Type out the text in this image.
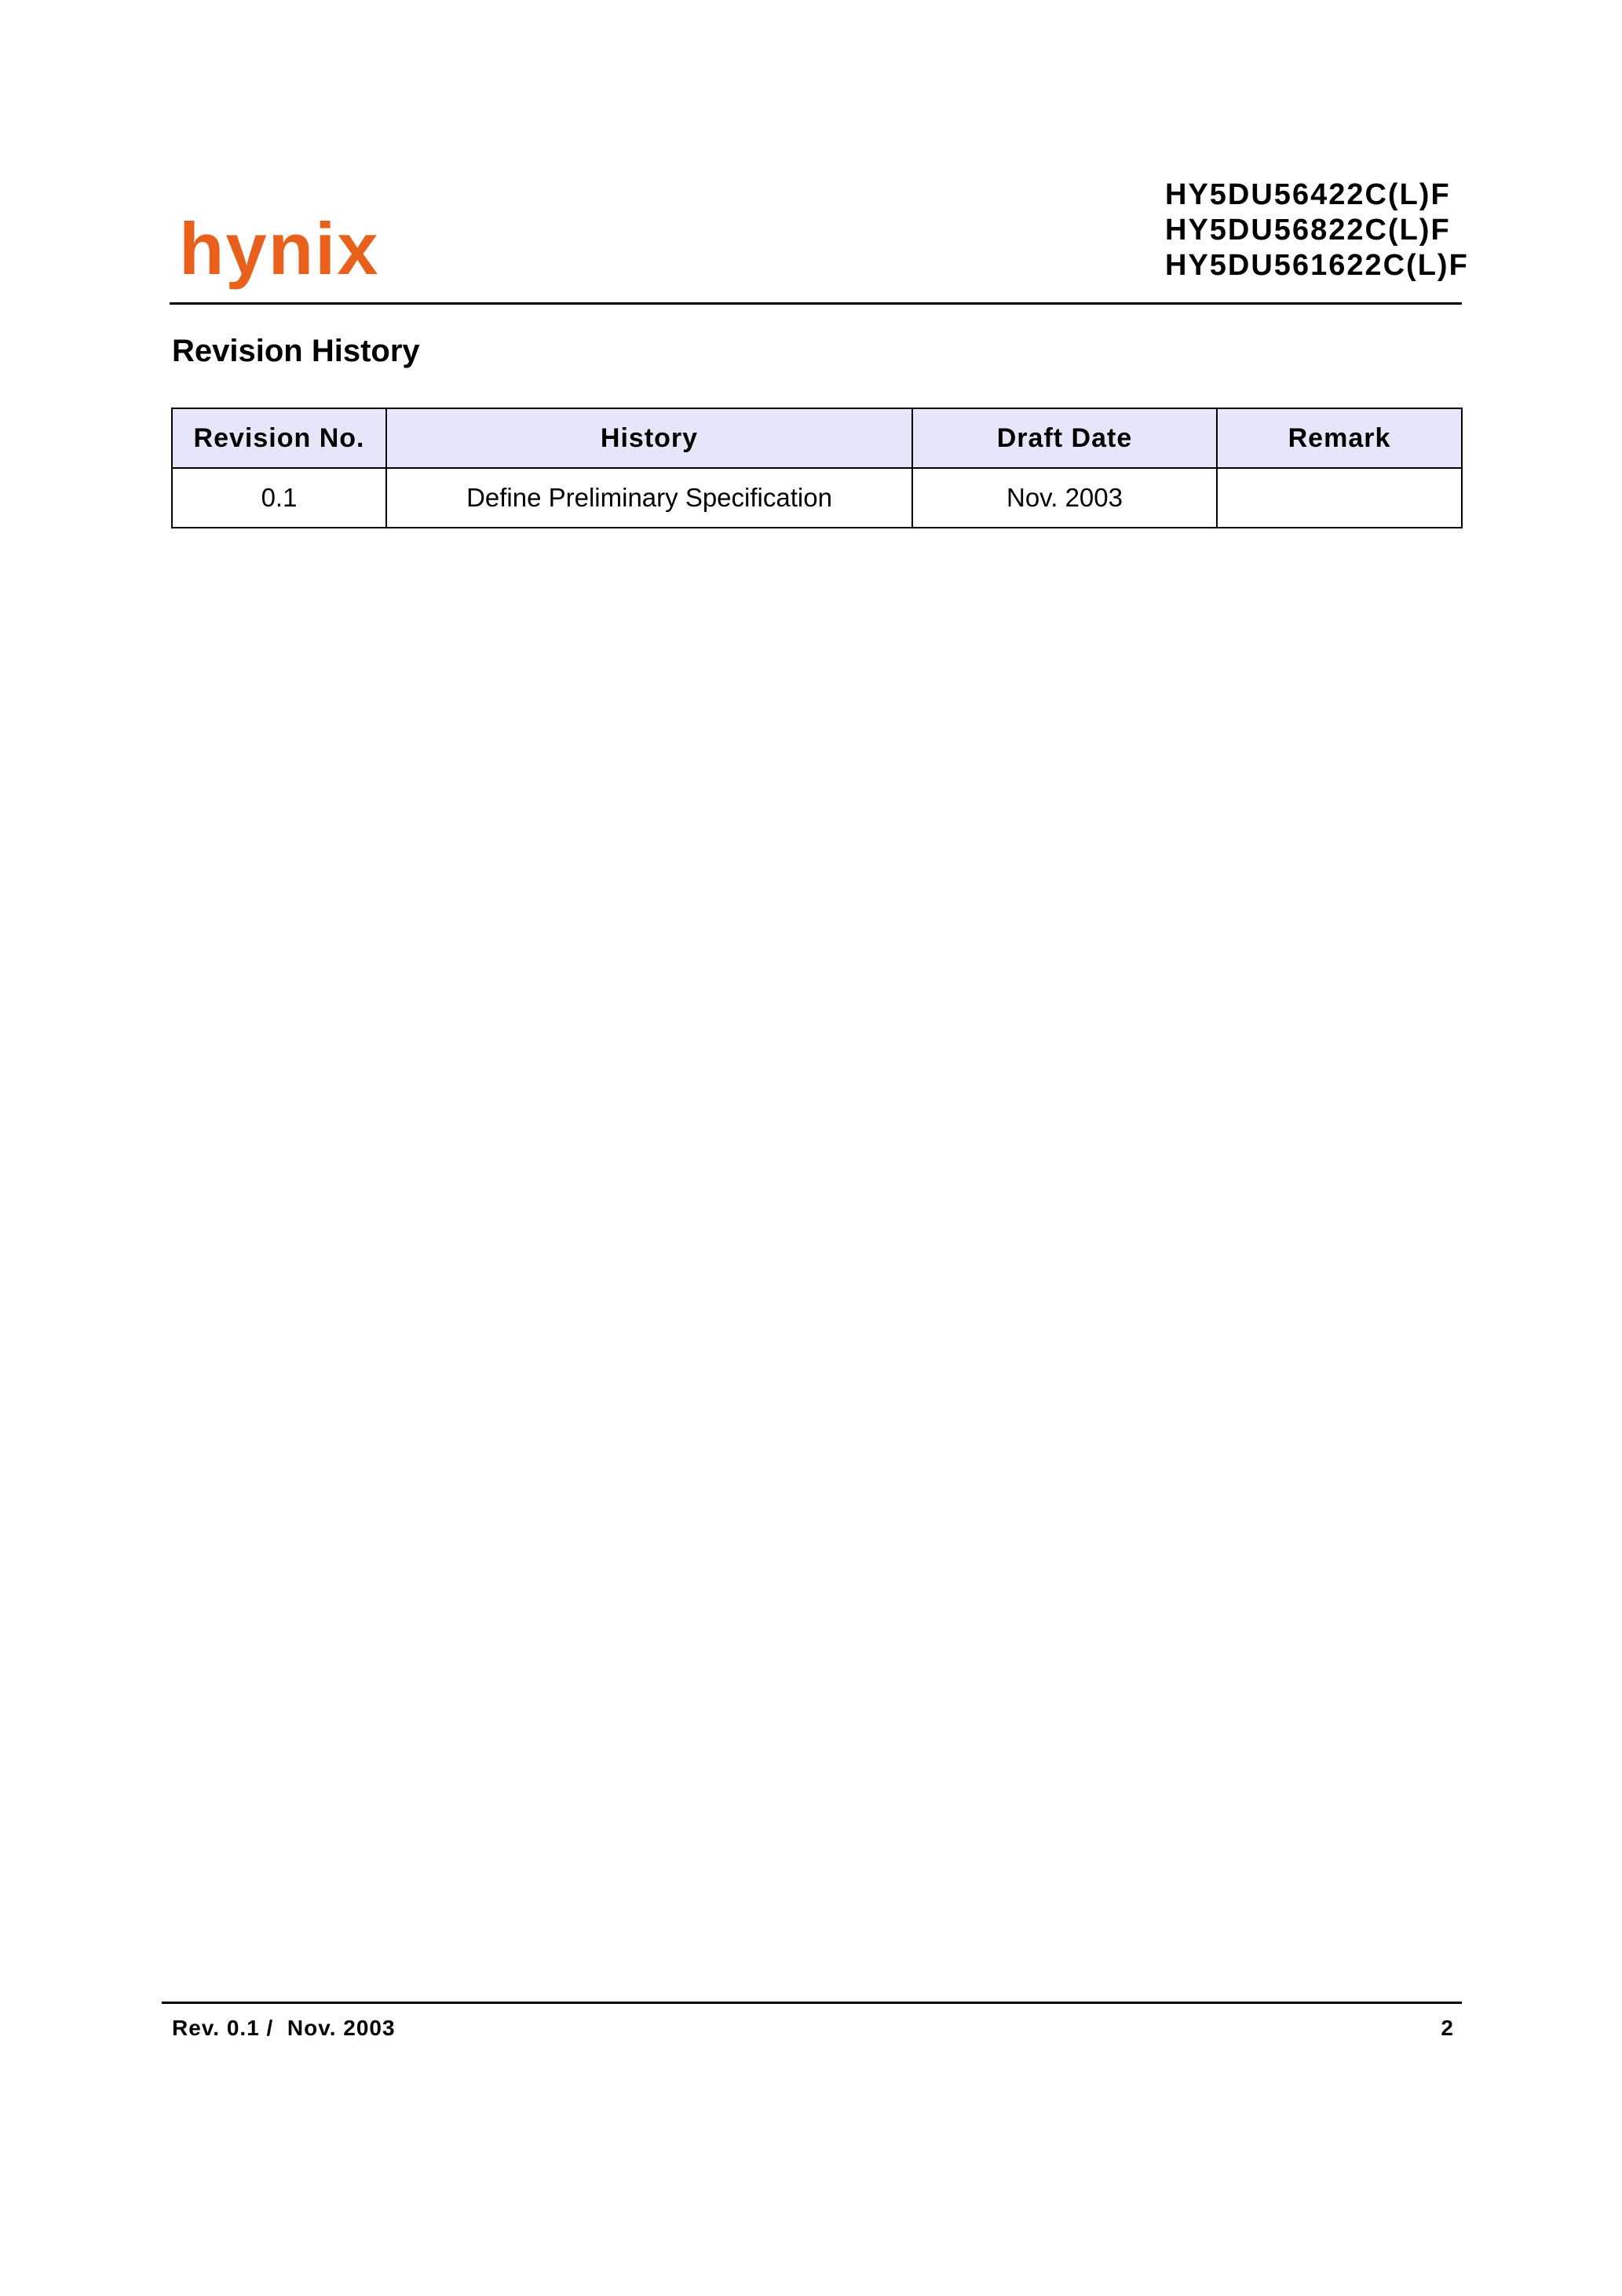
hynix
HY5DU56422C(L)F
HY5DU56822C(L)F
HY5DU561622C(L)F
Revision History
Revision No.	History	Draft Date	Remark
0.1	Define Preliminary Specification	Nov. 2003	
Rev. 0.1 /  Nov. 2003	2
